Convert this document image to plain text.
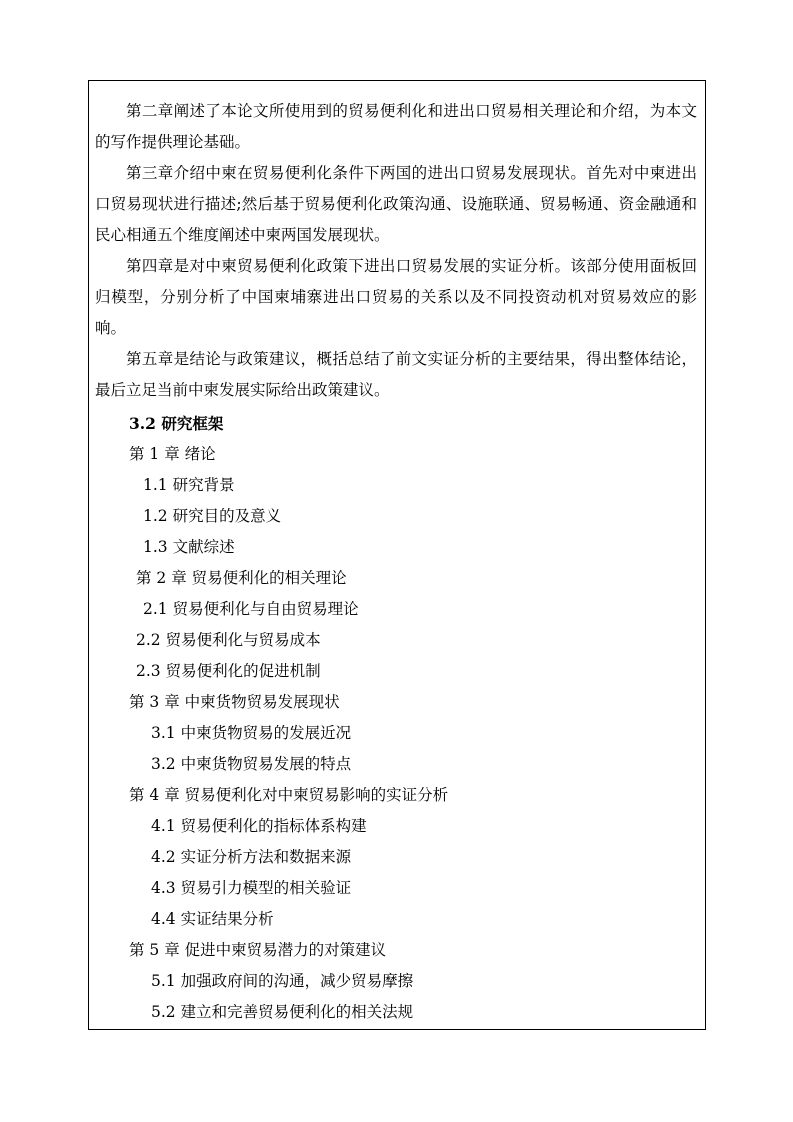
第二章阐述了本论文所使用到的贸易便利化和进出口贸易相关理论和介绍，为本文的写作提供理论基础。

第三章介绍中柬在贸易便利化条件下两国的进出口贸易发展现状。首先对中柬进出口贸易现状进行描述;然后基于贸易便利化政策沟通、设施联通、贸易畅通、资金融通和民心相通五个维度阐述中柬两国发展现状。

第四章是对中柬贸易便利化政策下进出口贸易发展的实证分析。该部分使用面板回归模型，分别分析了中国柬埔寨进出口贸易的关系以及不同投资动机对贸易效应的影响。

第五章是结论与政策建议，概括总结了前文实证分析的主要结果，得出整体结论，最后立足当前中柬发展实际给出政策建议。

3.2 研究框架

第 1 章 绪论

1.1 研究背景

1.2 研究目的及意义

1.3 文献综述

第 2 章 贸易便利化的相关理论

2.1 贸易便利化与自由贸易理论

2.2 贸易便利化与贸易成本

2.3 贸易便利化的促进机制

第 3 章 中柬货物贸易发展现状

3.1 中柬货物贸易的发展近况

3.2 中柬货物贸易发展的特点

第 4 章 贸易便利化对中柬贸易影响的实证分析

4.1 贸易便利化的指标体系构建

4.2 实证分析方法和数据来源

4.3 贸易引力模型的相关验证

4.4 实证结果分析

第 5 章 促进中柬贸易潜力的对策建议

5.1 加强政府间的沟通，减少贸易摩擦

5.2 建立和完善贸易便利化的相关法规
